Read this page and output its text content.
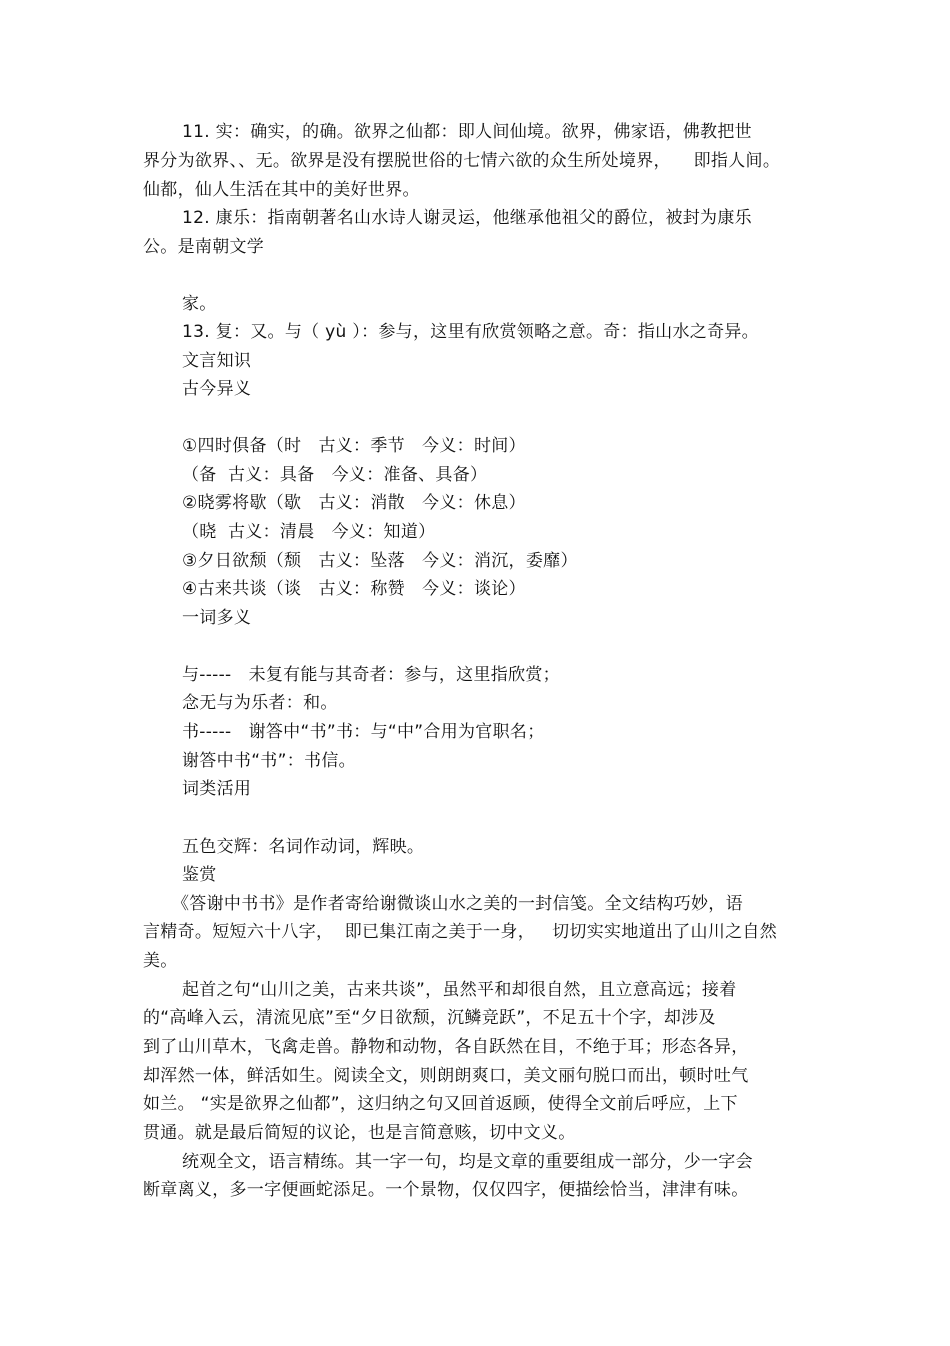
11. 实：确实，的确。欲界之仙都：即人间仙境。欲界，佛家语，佛教把世
界分为欲界、、无。欲界是没有摆脱世俗的七情六欲的众生所处境界，    即指人间。
仙都，仙人生活在其中的美好世界。
12. 康乐：指南朝著名山水诗人谢灵运，他继承他祖父的爵位，被封为康乐
公。是南朝文学
家。
13. 复：又。与（ yù ）：参与，这里有欣赏领略之意。奇：指山水之奇异。
文言知识
古今异义
①四时俱备（时   古义：季节   今义：时间）
（备  古义：具备   今义：准备、具备）
②晓雾将歇（歇   古义：消散   今义：休息）
（晓  古义：清晨   今义：知道）
③夕日欲颓（颓   古义：坠落   今义：消沉，委靡）
④古来共谈（谈   古义：称赞   今义：谈论）
一词多义
与-----   未复有能与其奇者：参与，这里指欣赏；
念无与为乐者：和。
书-----   谢答中“书”书：与“中”合用为官职名；
谢答中书“书”：书信。
词类活用
五色交辉：名词作动词，辉映。
鉴赏
《答谢中书书》是作者寄给谢微谈山水之美的一封信笺。全文结构巧妙，语
言精奇。短短六十八字，  即已集江南之美于一身，   切切实实地道出了山川之自然
美。
起首之句“山川之美，古来共谈”，虽然平和却很自然，且立意高远；接着
的“高峰入云，清流见底”至“夕日欲颓，沉鳞竞跃”，不足五十个字，却涉及
到了山川草木，飞禽走兽。静物和动物，各自跃然在目，不绝于耳；形态各异，
却浑然一体，鲜活如生。阅读全文，则朗朗爽口，美文丽句脱口而出，顿时吐气
如兰。 “实是欲界之仙都”，这归纳之句又回首返顾，使得全文前后呼应，上下
贯通。就是最后简短的议论，也是言简意赅，切中文义。
统观全文，语言精练。其一字一句，均是文章的重要组成一部分，少一字会
断章离义，多一字便画蛇添足。一个景物，仅仅四字，便描绘恰当，津津有味。
